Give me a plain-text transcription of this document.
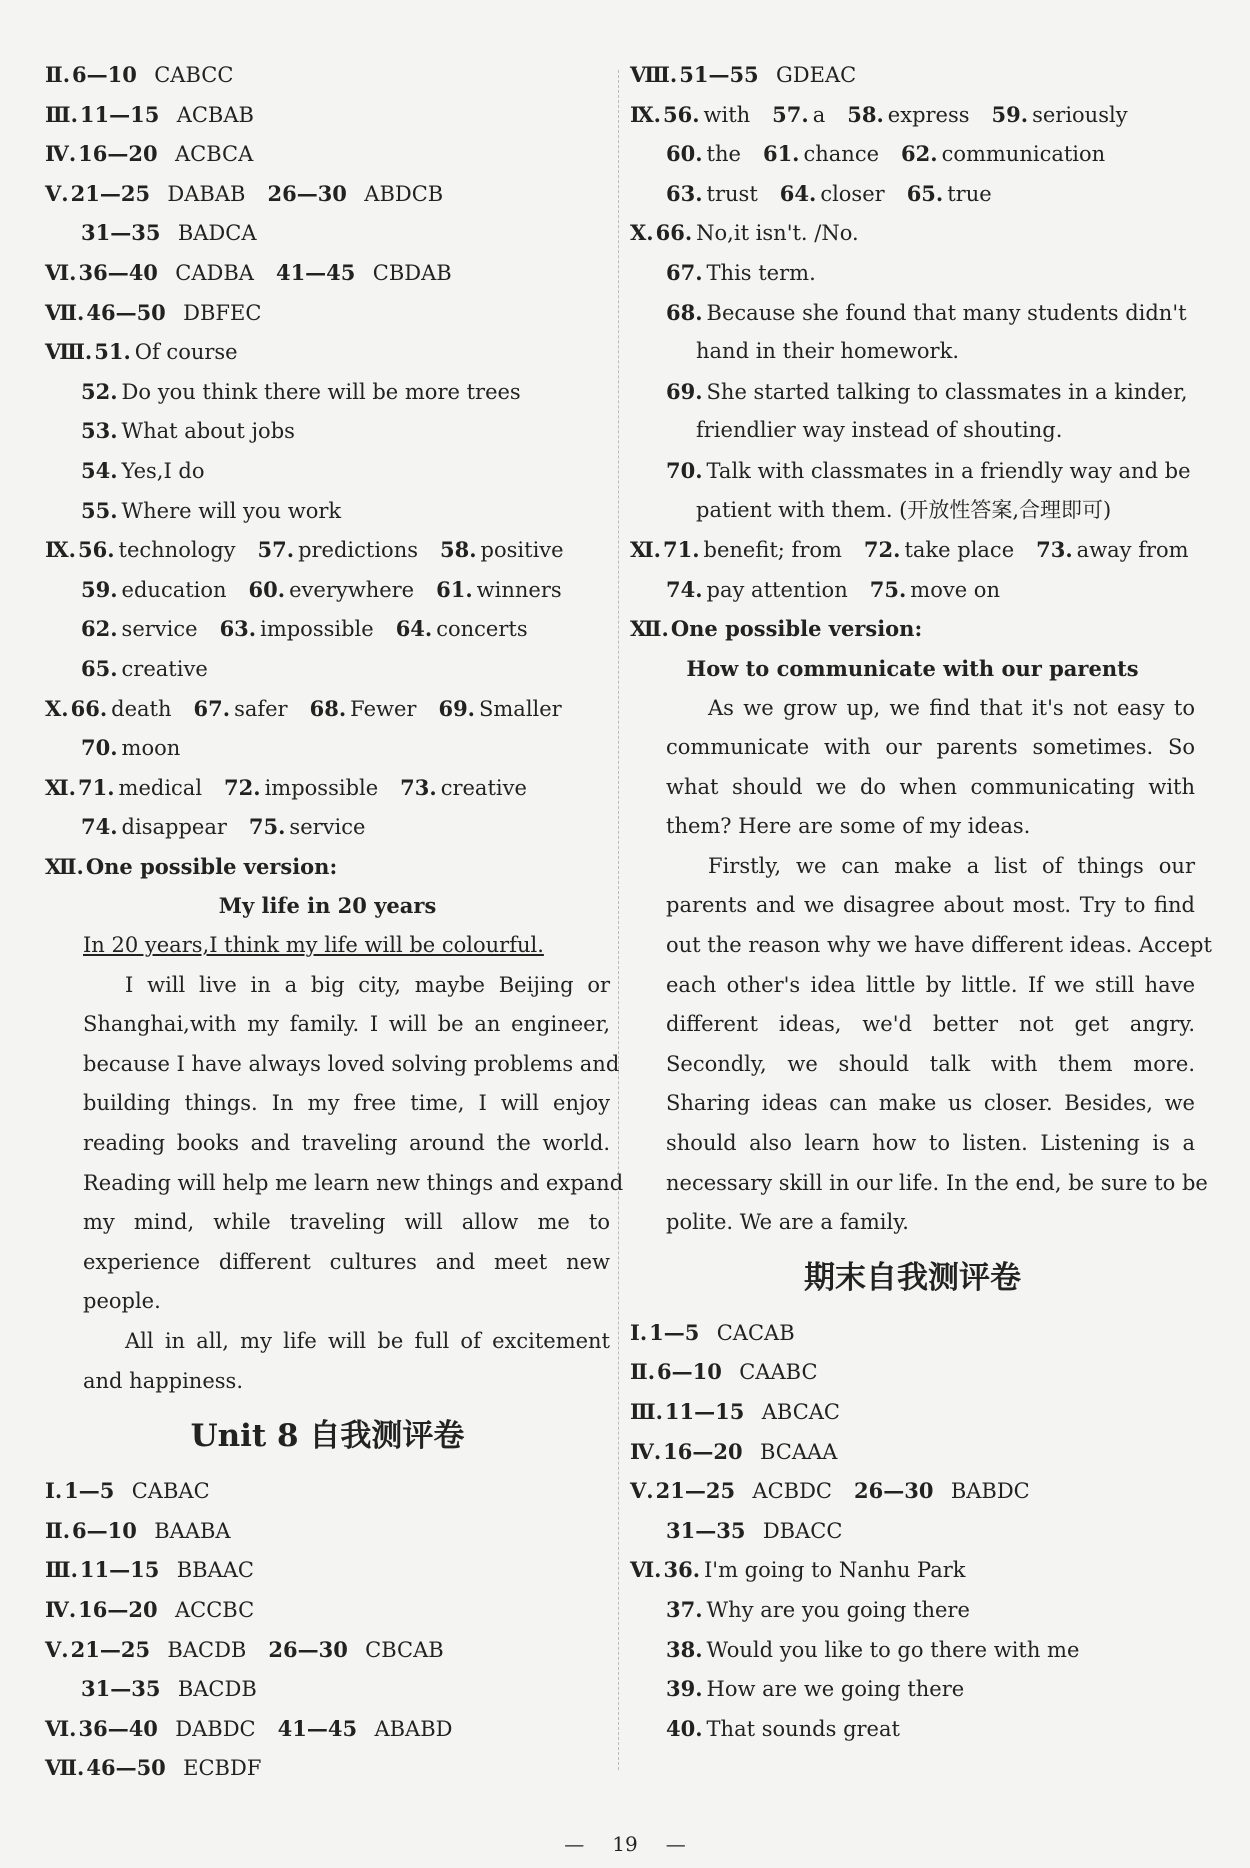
Ⅱ.6—10 CABCC
Ⅲ.11—15 ACBAB
Ⅳ.16—20 ACBCA
Ⅴ.21—25 DABAB 26—30 ABDCB
31—35 BADCA
Ⅵ.36—40 CADBA 41—45 CBDAB
Ⅶ.46—50 DBFEC
Ⅷ.51. Of course
52. Do you think there will be more trees
53. What about jobs
54. Yes,I do
55. Where will you work
Ⅸ.56. technology 57. predictions 58. positive
59. education 60. everywhere 61. winners
62. service 63. impossible 64. concerts
65. creative
Ⅹ.66. death 67. safer 68. Fewer 69. Smaller
70. moon
Ⅺ.71. medical 72. impossible 73. creative
74. disappear 75. service
Ⅻ.One possible version:
My life in 20 years
In 20 years,I think my life will be colourful.
I will live in a big city, maybe Beijing or
Shanghai,with my family. I will be an engineer,
because I have always loved solving problems and
building things. In my free time, I will enjoy
reading books and traveling around the world.
Reading will help me learn new things and expand
my mind, while traveling will allow me to
experience different cultures and meet new
people.
All in all, my life will be full of excitement
and happiness.
Unit 8 自我测评卷
Ⅰ.1—5 CABAC
Ⅱ.6—10 BAABA
Ⅲ.11—15 BBAAC
Ⅳ.16—20 ACCBC
Ⅴ.21—25 BACDB 26—30 CBCAB
31—35 BACDB
Ⅵ.36—40 DABDC 41—45 ABABD
Ⅶ.46—50 ECBDF
Ⅷ.51—55 GDEAC
Ⅸ.56. with 57. a 58. express 59. seriously
60. the 61. chance 62. communication
63. trust 64. closer 65. true
Ⅹ.66. No,it isn't. /No.
67. This term.
68. Because she found that many students didn't
hand in their homework.
69. She started talking to classmates in a kinder,
friendlier way instead of shouting.
70. Talk with classmates in a friendly way and be
patient with them. (开放性答案,合理即可)
Ⅺ.71. benefit; from 72. take place 73. away from
74. pay attention 75. move on
Ⅻ.One possible version:
How to communicate with our parents
As we grow up, we find that it's not easy to
communicate with our parents sometimes. So
what should we do when communicating with
them? Here are some of my ideas.
Firstly, we can make a list of things our
parents and we disagree about most. Try to find
out the reason why we have different ideas. Accept
each other's idea little by little. If we still have
different ideas, we'd better not get angry.
Secondly, we should talk with them more.
Sharing ideas can make us closer. Besides, we
should also learn how to listen. Listening is a
necessary skill in our life. In the end, be sure to be
polite. We are a family.
期末自我测评卷
Ⅰ.1—5 CACAB
Ⅱ.6—10 CAABC
Ⅲ.11—15 ABCAC
Ⅳ.16—20 BCAAA
Ⅴ.21—25 ACBDC 26—30 BABDC
31—35 DBACC
Ⅵ.36. I'm going to Nanhu Park
37. Why are you going there
38. Would you like to go there with me
39. How are we going there
40. That sounds great
— 19 —
